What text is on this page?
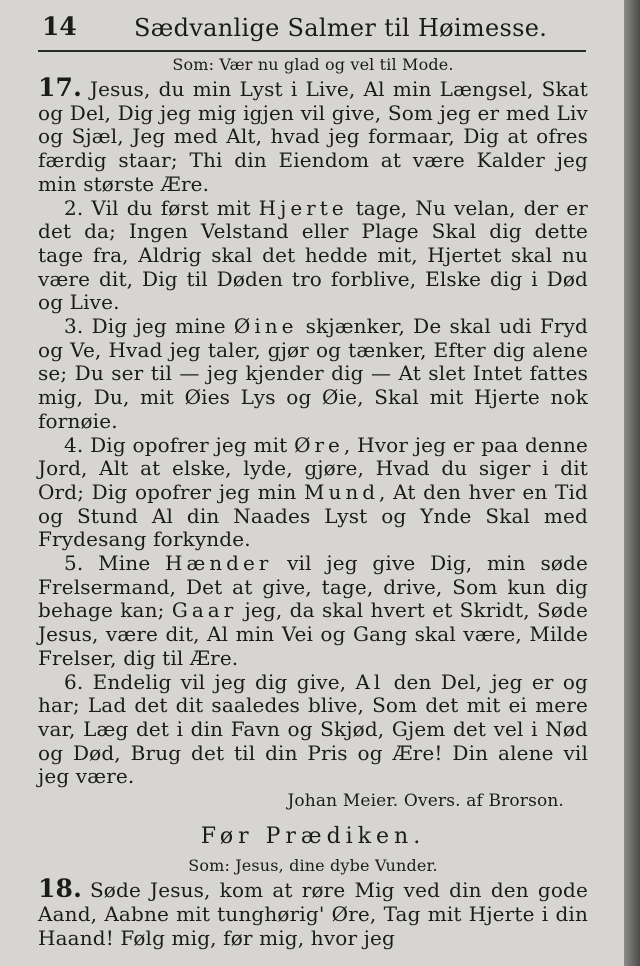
14 Sædvanlige Salmer til Høimesse.
Som: Vær nu glad og vel til Mode.

17. Jesus, du min Lyst i Live, Al min Længsel, Skat og Del, Dig jeg mig igjen vil give, Som jeg er med Liv og Sjæl, Jeg med Alt, hvad jeg formaar, Dig at ofres færdig staar; Thi din Eiendom at være Kalder jeg min største Ære.

2. Vil du først mit Hjerte tage, Nu velan, der er det da; Ingen Velstand eller Plage Skal dig dette tage fra, Aldrig skal det hedde mit, Hjertet skal nu være dit, Dig til Døden tro forblive, Elske dig i Død og Live.

3. Dig jeg mine Øine skjænker, De skal udi Fryd og Ve, Hvad jeg taler, gjør og tænker, Efter dig alene se; Du ser til — jeg kjender dig — At slet Intet fattes mig, Du, mit Øies Lys og Øie, Skal mit Hjerte nok fornøie.

4. Dig opofrer jeg mit Øre, Hvor jeg er paa denne Jord, Alt at elske, lyde, gjøre, Hvad du siger i dit Ord; Dig opofrer jeg min Mund, At den hver en Tid og Stund Al din Naades Lyst og Ynde Skal med Frydesang forkynde.

5. Mine Hænder vil jeg give Dig, min søde Frelsermand, Det at give, tage, drive, Som kun dig behage kan; Gaar jeg, da skal hvert et Skridt, Søde Jesus, være dit, Al min Vei og Gang skal være, Milde Frelser, dig til Ære.

6. Endelig vil jeg dig give, Al den Del, jeg er og har; Lad det dit saaledes blive, Som det mit ei mere var, Læg det i din Favn og Skjød, Gjem det vel i Nød og Død, Brug det til din Pris og Ære! Din alene vil jeg være.

Johan Meier. Overs. af Brorson.
Før Prædiken.
Som: Jesus, dine dybe Vunder.

18. Søde Jesus, kom at røre Mig ved din den gode Aand, Aabne mit tunghørig' Øre, Tag mit Hjerte i din Haand! Følg mig, før mig, hvor jeg
